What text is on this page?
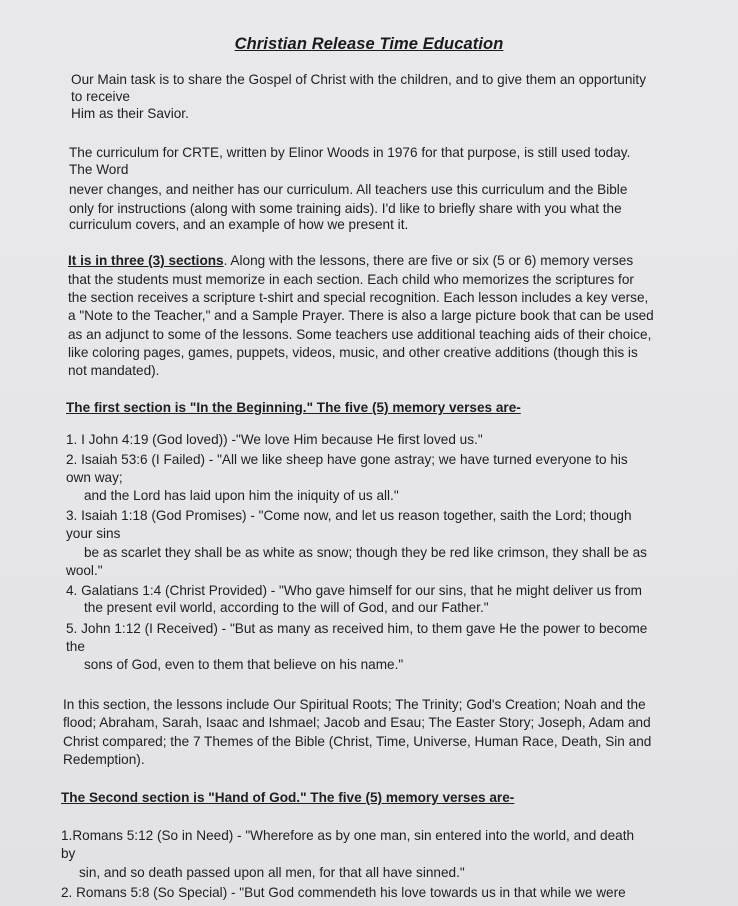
Christian Release Time Education
Our Main task is to share the Gospel of Christ with the children, and to give them an opportunity
to receive
Him as their Savior.
The curriculum for CRTE, written by Elinor Woods in 1976 for that purpose, is still used today.
The Word
never changes, and neither has our curriculum. All teachers use this curriculum and the Bible
only for instructions (along with some training aids). I'd like to briefly share with you what the
curriculum covers, and an example of how we present it.
It is in three (3) sections. Along with the lessons, there are five or six (5 or 6) memory verses
that the students must memorize in each section. Each child who memorizes the scriptures for
the section receives a scripture t-shirt and special recognition. Each lesson includes a key verse,
a "Note to the Teacher," and a Sample Prayer. There is also a large picture book that can be used
as an adjunct to some of the lessons. Some teachers use additional teaching aids of their choice,
like coloring pages, games, puppets, videos, music, and other creative additions (though this is
not mandated).
The first section is "In the Beginning." The five (5) memory verses are-
1. I John 4:19 (God loved)) -"We love Him because He first loved us."
2. Isaiah 53:6 (I Failed) - "All we like sheep have gone astray; we have turned everyone to his
own way;
and the Lord has laid upon him the iniquity of us all."
3. Isaiah 1:18 (God Promises) - "Come now, and let us reason together, saith the Lord; though
your sins
be as scarlet they shall be as white as snow; though they be red like crimson, they shall be as
wool."
4. Galatians 1:4 (Christ Provided) - "Who gave himself for our sins, that he might deliver us from
the present evil world, according to the will of God, and our Father."
5. John 1:12 (I Received) - "But as many as received him, to them gave He the power to become
the
sons of God, even to them that believe on his name."
In this section, the lessons include Our Spiritual Roots; The Trinity; God's Creation; Noah and the
flood; Abraham, Sarah, Isaac and Ishmael; Jacob and Esau; The Easter Story; Joseph, Adam and
Christ compared; the 7 Themes of the Bible (Christ, Time, Universe, Human Race, Death, Sin and
Redemption).
The Second section is "Hand of God." The five (5) memory verses are-
1.Romans 5:12 (So in Need) - "Wherefore as by one man, sin entered into the world, and death
by
sin, and so death passed upon all men, for that all have sinned."
2. Romans 5:8 (So Special) - "But God commendeth his love towards us in that while we were
